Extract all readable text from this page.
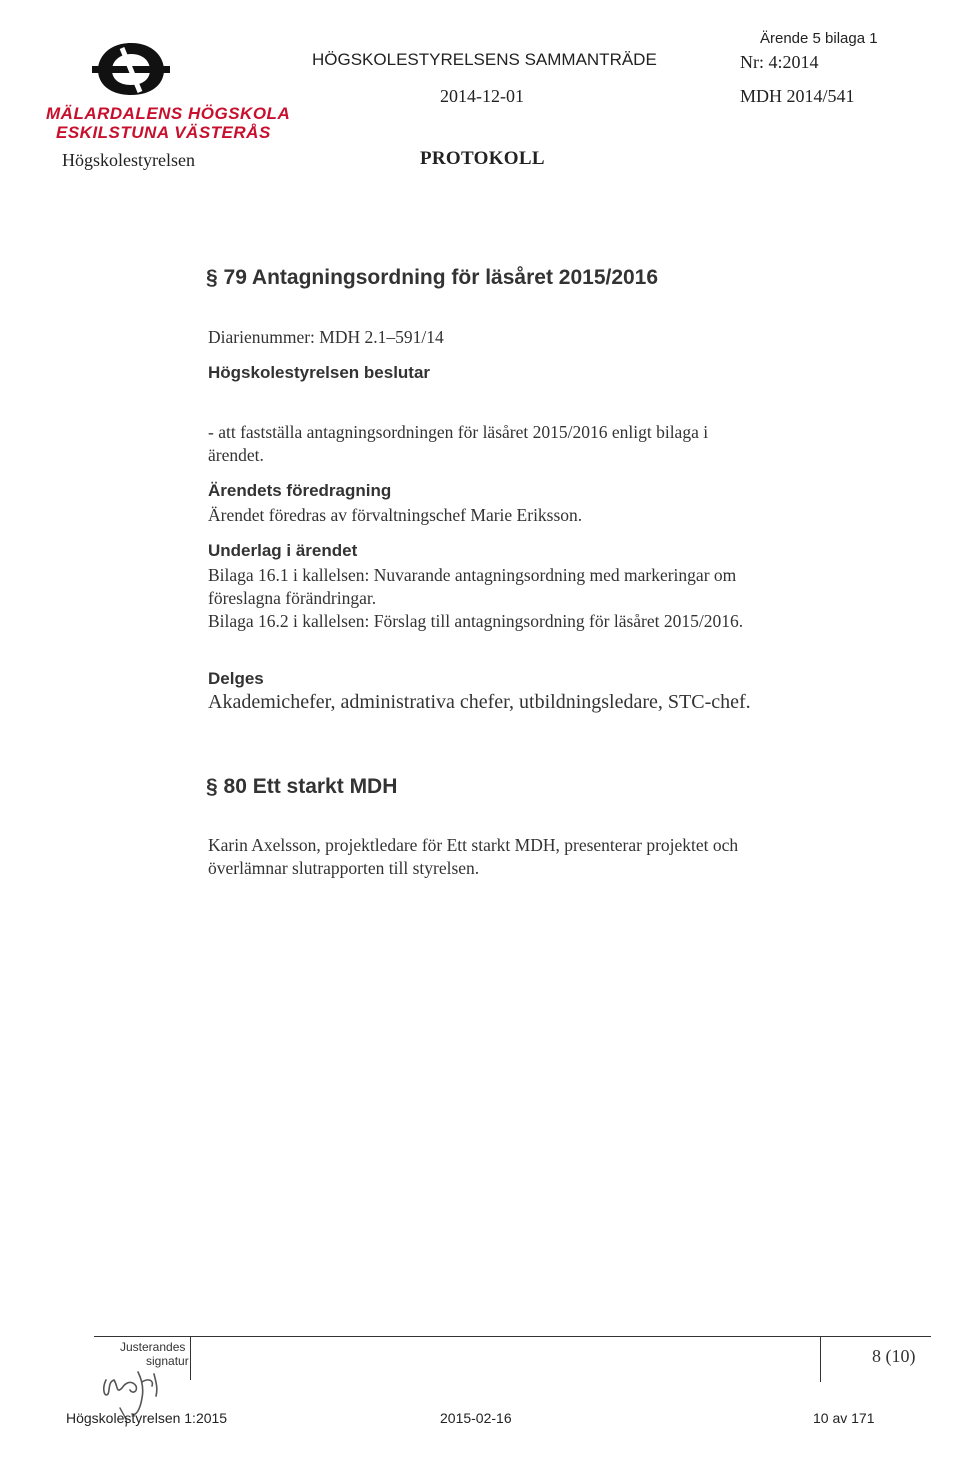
MÄLARDALENS HÖGSKOLA
ESKILSTUNA VÄSTERÅS
Högskolestyrelsen
HÖGSKOLESTYRELSENS SAMMANTRÄDE
2014-12-01
PROTOKOLL
Ärende 5 bilaga 1
Nr: 4:2014
MDH 2014/541
§ 79 Antagningsordning för läsåret 2015/2016
Diarienummer: MDH 2.1–591/14
Högskolestyrelsen beslutar
- att fastställa antagningsordningen för läsåret 2015/2016 enligt bilaga i
ärendet.
Ärendets föredragning
Ärendet föredras av förvaltningschef Marie Eriksson.
Underlag i ärendet
Bilaga 16.1 i kallelsen: Nuvarande antagningsordning med markeringar om
föreslagna förändringar.
Bilaga 16.2 i kallelsen: Förslag till antagningsordning för läsåret 2015/2016.
Delges
Akademichefer, administrativa chefer, utbildningsledare, STC-chef.
§ 80 Ett starkt MDH
Karin Axelsson, projektledare för Ett starkt MDH, presenterar projektet och
överlämnar slutrapporten till styrelsen.
Justerandes
signatur	8 (10)
Högskolestyrelsen 1:2015	2015-02-16	10 av 171
